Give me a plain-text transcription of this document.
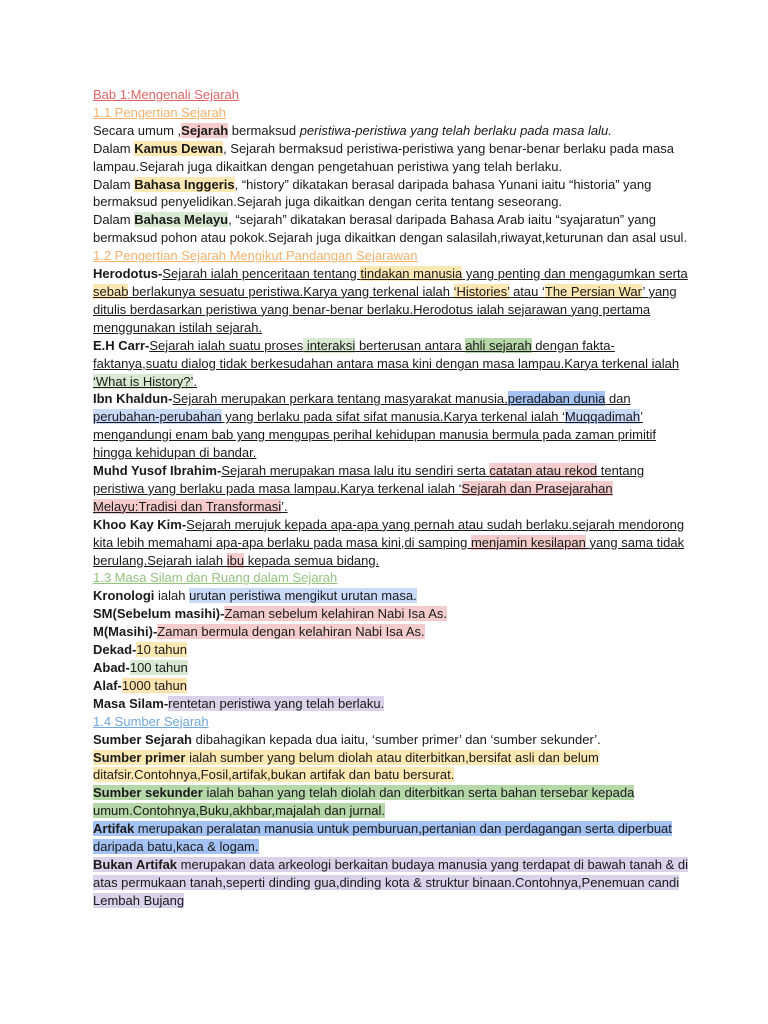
Bab 1:Mengenali Sejarah

1.1 Pengertian Sejarah

Secara umum ,Sejarah bermaksud peristiwa-peristiwa yang telah berlaku pada masa lalu.

Dalam Kamus Dewan, Sejarah bermaksud peristiwa-peristiwa yang benar-benar berlaku pada masa lampau.Sejarah juga dikaitkan dengan pengetahuan peristiwa yang telah berlaku.

Dalam Bahasa Inggeris, “history” dikatakan berasal daripada bahasa Yunani iaitu “historia” yang bermaksud penyelidikan.Sejarah juga dikaitkan dengan cerita tentang seseorang.

Dalam Bahasa Melayu, “sejarah” dikatakan berasal daripada Bahasa Arab iaitu “syajaratun” yang bermaksud pohon atau pokok.Sejarah juga dikaitkan dengan salasilah,riwayat,keturunan dan asal usul.

1.2 Pengertian Sejarah Mengikut Pandangan Sejarawan

Herodotus-Sejarah ialah penceritaan tentang tindakan manusia yang penting dan mengagumkan serta sebab berlakunya sesuatu peristiwa.Karya yang terkenal ialah ‘Histories’ atau ‘The Persian War’ yang ditulis berdasarkan peristiwa yang benar-benar berlaku.Herodotus ialah sejarawan yang pertama menggunakan istilah sejarah.

E.H Carr-Sejarah ialah suatu proses interaksi berterusan antara ahli sejarah dengan fakta-faktanya,suatu dialog tidak berkesudahan antara masa kini dengan masa lampau.Karya terkenal ialah ‘What is History?’.

Ibn Khaldun-Sejarah merupakan perkara tentang masyarakat manusia,peradaban dunia dan perubahan-perubahan yang berlaku pada sifat sifat manusia.Karya terkenal ialah ‘Muqqadimah’ mengandungi enam bab yang mengupas perihal kehidupan manusia bermula pada zaman primitif hingga kehidupan di bandar.

Muhd Yusof Ibrahim-Sejarah merupakan masa lalu itu sendiri serta catatan atau rekod tentang peristiwa yang berlaku pada masa lampau.Karya terkenal ialah ‘Sejarah dan Prasejarahan Melayu:Tradisi dan Transformasi’.

Khoo Kay Kim-Sejarah merujuk kepada apa-apa yang pernah atau sudah berlaku.sejarah mendorong kita lebih memahami apa-apa berlaku pada masa kini,di samping menjamin kesilapan yang sama tidak berulang.Sejarah ialah ibu kepada semua bidang.

1.3 Masa Silam dan Ruang dalam Sejarah

Kronologi ialah urutan peristiwa mengikut urutan masa.

SM(Sebelum masihi)-Zaman sebelum kelahiran Nabi Isa As.

M(Masihi)-Zaman bermula dengan kelahiran Nabi Isa As.

Dekad-10 tahun

Abad-100 tahun

Alaf-1000 tahun

Masa Silam-rentetan peristiwa yang telah berlaku.

1.4 Sumber Sejarah

Sumber Sejarah dibahagikan kepada dua iaitu, ‘sumber primer’ dan ‘sumber sekunder’.

Sumber primer ialah sumber yang belum diolah atau diterbitkan,bersifat asli dan belum ditafsir.Contohnya,Fosil,artifak,bukan artifak dan batu bersurat.

Sumber sekunder ialah bahan yang telah diolah dan diterbitkan serta bahan tersebar kepada umum.Contohnya,Buku,akhbar,majalah dan jurnal.

Artifak merupakan peralatan manusia untuk pemburuan,pertanian dan perdagangan serta diperbuat daripada batu,kaca & logam.

Bukan Artifak merupakan data arkeologi berkaitan budaya manusia yang terdapat di bawah tanah & di atas permukaan tanah,seperti dinding gua,dinding kota & struktur binaan.Contohnya,Penemuan candi Lembah Bujang
